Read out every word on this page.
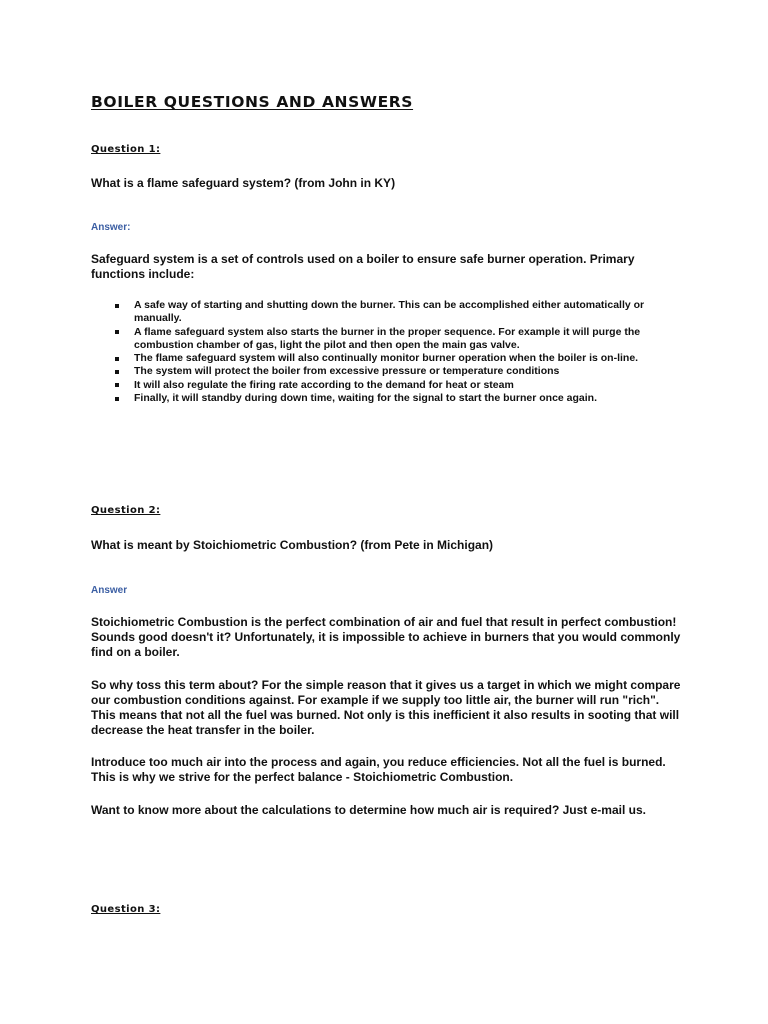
BOILER QUESTIONS AND ANSWERS
Question 1:
What is a flame safeguard system? (from John in KY)
Answer:

Safeguard system is a set of controls used on a boiler to ensure safe burner operation. Primary functions include:

A safe way of starting and shutting down the burner. This can be accomplished either automatically or manually.
A flame safeguard system also starts the burner in the proper sequence. For example it will purge the combustion chamber of gas, light the pilot and then open the main gas valve.
The flame safeguard system will also continually monitor burner operation when the boiler is on-line.
The system will protect the boiler from excessive pressure or temperature conditions
It will also regulate the firing rate according to the demand for heat or steam
Finally, it will standby during down time, waiting for the signal to start the burner once again.
Question 2:
What is meant by Stoichiometric Combustion? (from Pete in Michigan)
Answer

Stoichiometric Combustion is the perfect combination of air and fuel that result in perfect combustion! Sounds good doesn't it? Unfortunately, it is impossible to achieve in burners that you would commonly find on a boiler.

So why toss this term about? For the simple reason that it gives us a target in which we might compare our combustion conditions against. For example if we supply too little air, the burner will run "rich". This means that not all the fuel was burned. Not only is this inefficient it also results in sooting that will decrease the heat transfer in the boiler.

Introduce too much air into the process and again, you reduce efficiencies. Not all the fuel is burned. This is why we strive for the perfect balance - Stoichiometric Combustion.

Want to know more about the calculations to determine how much air is required? Just e-mail us.

Question 3:
